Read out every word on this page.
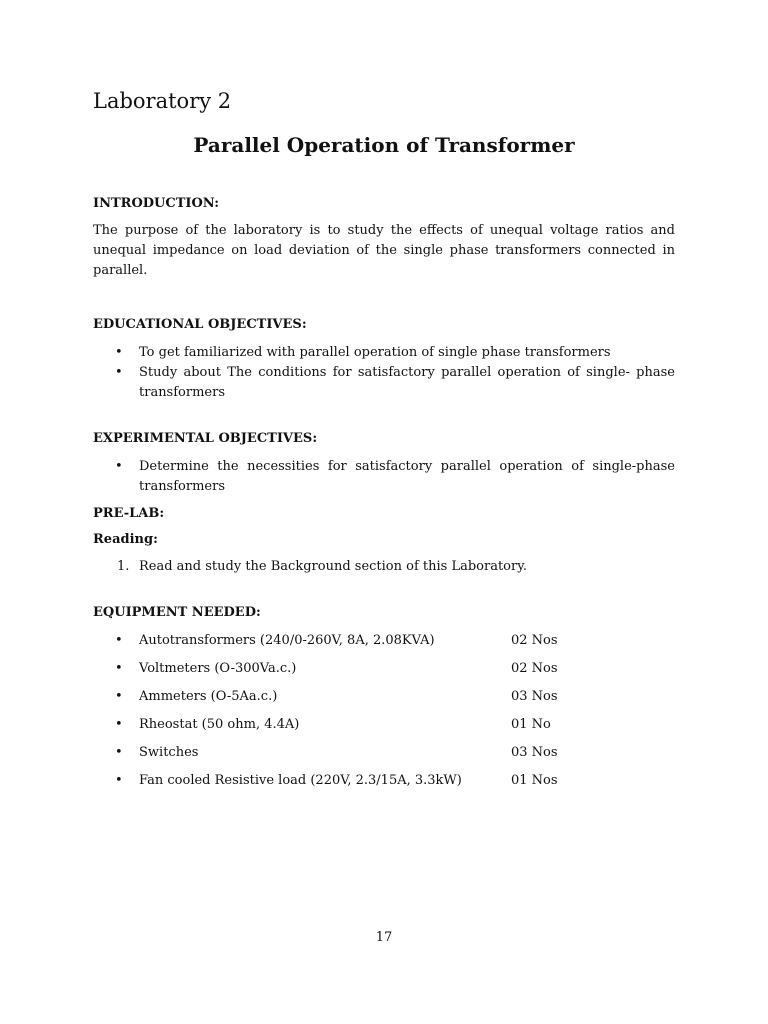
Laboratory 2
Parallel Operation of Transformer
INTRODUCTION:

The purpose of the laboratory is to study the effects of unequal voltage ratios and unequal impedance on load deviation of the single phase transformers connected in parallel.

EDUCATIONAL OBJECTIVES:
• To get familiarized with parallel operation of single phase transformers
• Study about The conditions for satisfactory parallel operation of single- phase transformers
EXPERIMENTAL OBJECTIVES:
• Determine the necessities for satisfactory parallel operation of single-phase transformers
PRE-LAB:
Reading:
1. Read and study the Background section of this Laboratory.
EQUIPMENT NEEDED:
• Autotransformers (240/0-260V, 8A, 2.08KVA)	02 Nos
• Voltmeters (O-300Va.c.)	02 Nos
• Ammeters (O-5Aa.c.)	03 Nos
• Rheostat (50 ohm, 4.4A)	01 No
• Switches	03 Nos
• Fan cooled Resistive load (220V, 2.3/15A, 3.3kW)	01 Nos
17
